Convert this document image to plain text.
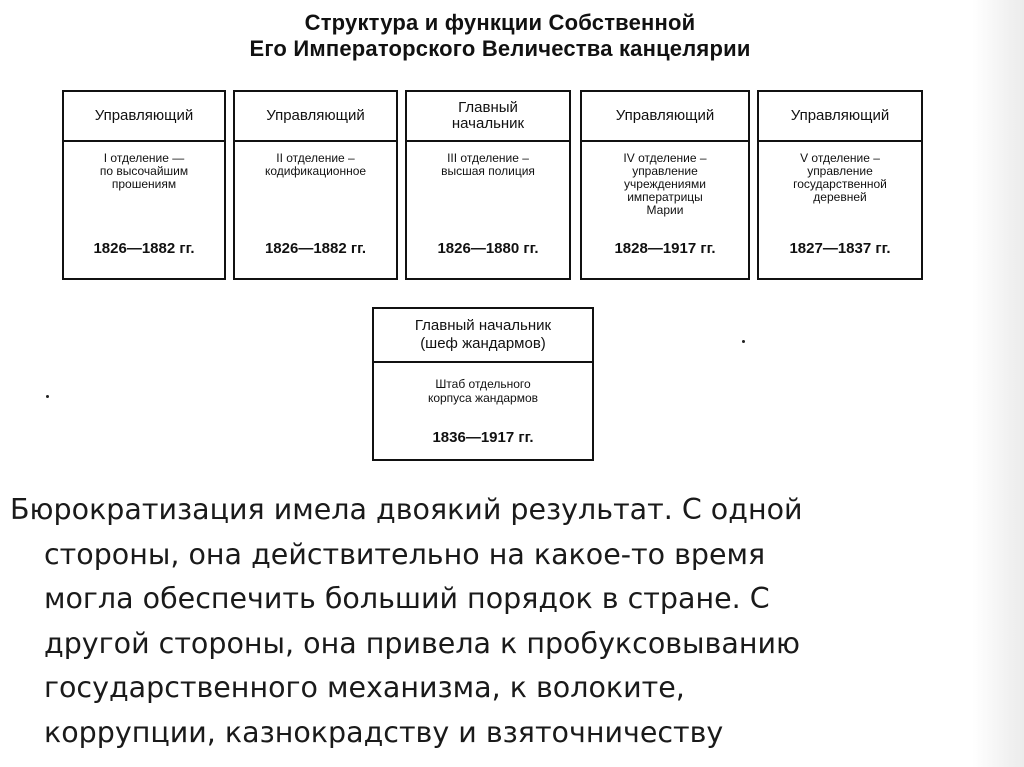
Структура и функции Собственной
Его Императорского Величества канцелярии
Управляющий
I отделение —
по высочайшим
прошениям
1826—1882 гг.
Управляющий
II отделение –
кодификационное
1826—1882 гг.
Главный начальник
III отделение –
высшая полиция
1826—1880 гг.
Управляющий
IV отделение –
управление
учреждениями
императрицы
Марии
1828—1917 гг.
Управляющий
V отделение –
управление
государственной
деревней
1827—1837 гг.
Главный начальник
(шеф жандармов)
Штаб отдельного
корпуса жандармов
1836—1917 гг.
Бюрократизация имела двоякий результат. С одной
стороны, она действительно на какое-то время
могла обеспечить больший порядок в стране. С
другой стороны, она привела к пробуксовыванию
государственного механизма, к волоките,
коррупции, казнокрадству и взяточничеству
